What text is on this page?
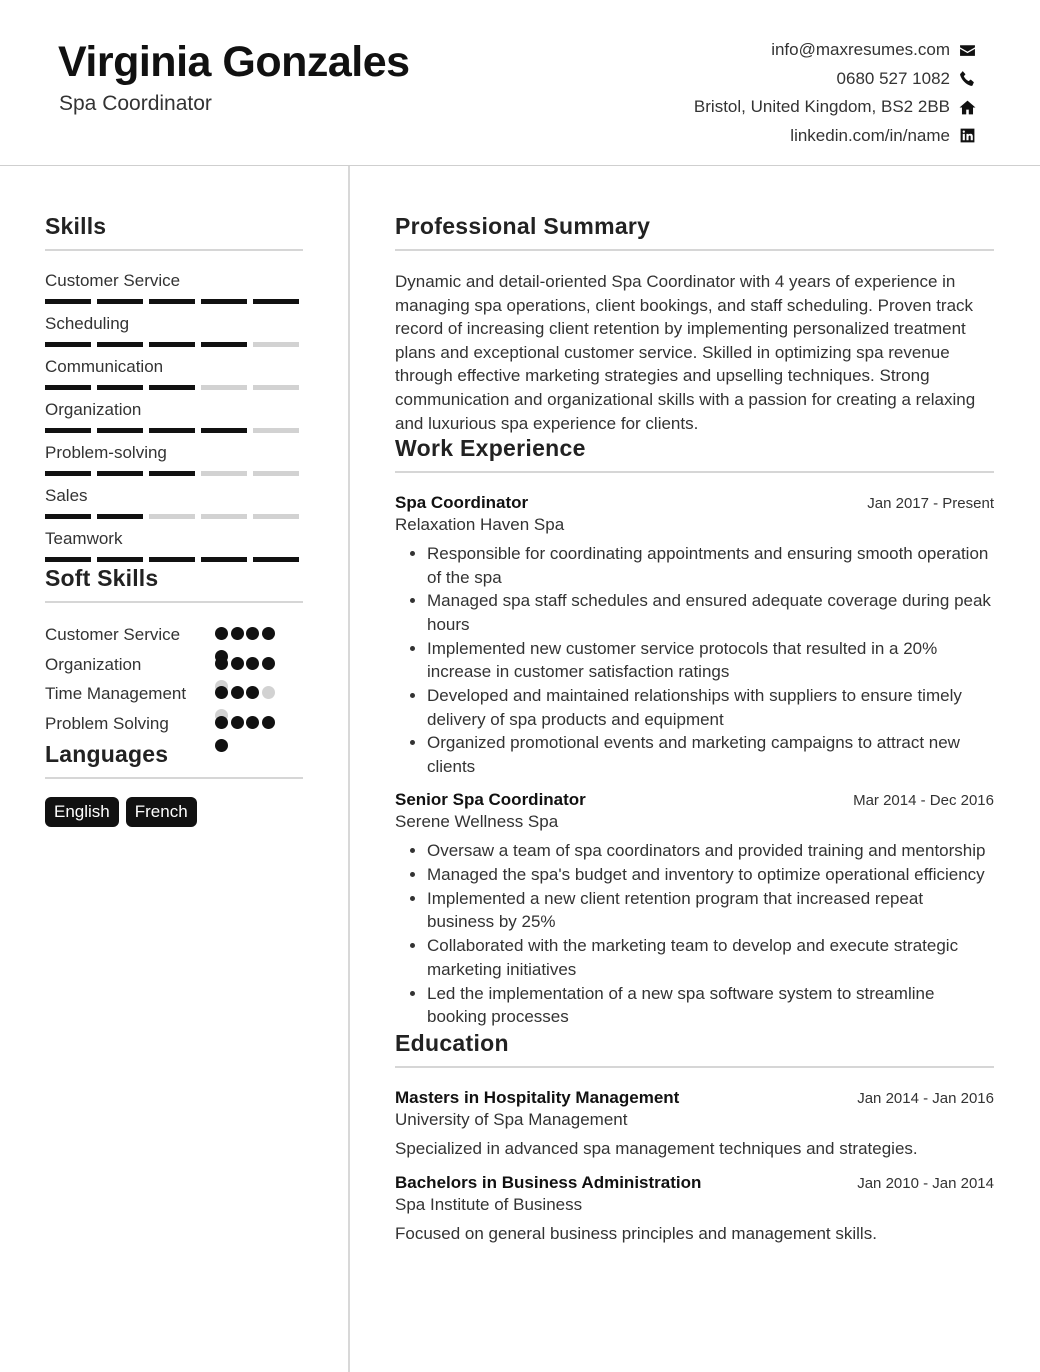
Virginia Gonzales
Spa Coordinator
info@maxresumes.com
0680 527 1082
Bristol, United Kingdom, BS2 2BB
linkedin.com/in/name
Skills
Customer Service
Scheduling
Communication
Organization
Problem-solving
Sales
Teamwork
Soft Skills
Customer Service
Organization
Time Management
Problem Solving
Languages
English	French
Professional Summary
Dynamic and detail-oriented Spa Coordinator with 4 years of experience in managing spa operations, client bookings, and staff scheduling. Proven track record of increasing client retention by implementing personalized treatment plans and exceptional customer service. Skilled in optimizing spa revenue through effective marketing strategies and upselling techniques. Strong communication and organizational skills with a passion for creating a relaxing and luxurious spa experience for clients.
Work Experience
Spa Coordinator	Jan 2017 - Present
Relaxation Haven Spa
• Responsible for coordinating appointments and ensuring smooth operation of the spa
• Managed spa staff schedules and ensured adequate coverage during peak hours
• Implemented new customer service protocols that resulted in a 20% increase in customer satisfaction ratings
• Developed and maintained relationships with suppliers to ensure timely delivery of spa products and equipment
• Organized promotional events and marketing campaigns to attract new clients
Senior Spa Coordinator	Mar 2014 - Dec 2016
Serene Wellness Spa
• Oversaw a team of spa coordinators and provided training and mentorship
• Managed the spa's budget and inventory to optimize operational efficiency
• Implemented a new client retention program that increased repeat business by 25%
• Collaborated with the marketing team to develop and execute strategic marketing initiatives
• Led the implementation of a new spa software system to streamline booking processes
Education
Masters in Hospitality Management	Jan 2014 - Jan 2016
University of Spa Management
Specialized in advanced spa management techniques and strategies.
Bachelors in Business Administration	Jan 2010 - Jan 2014
Spa Institute of Business
Focused on general business principles and management skills.
